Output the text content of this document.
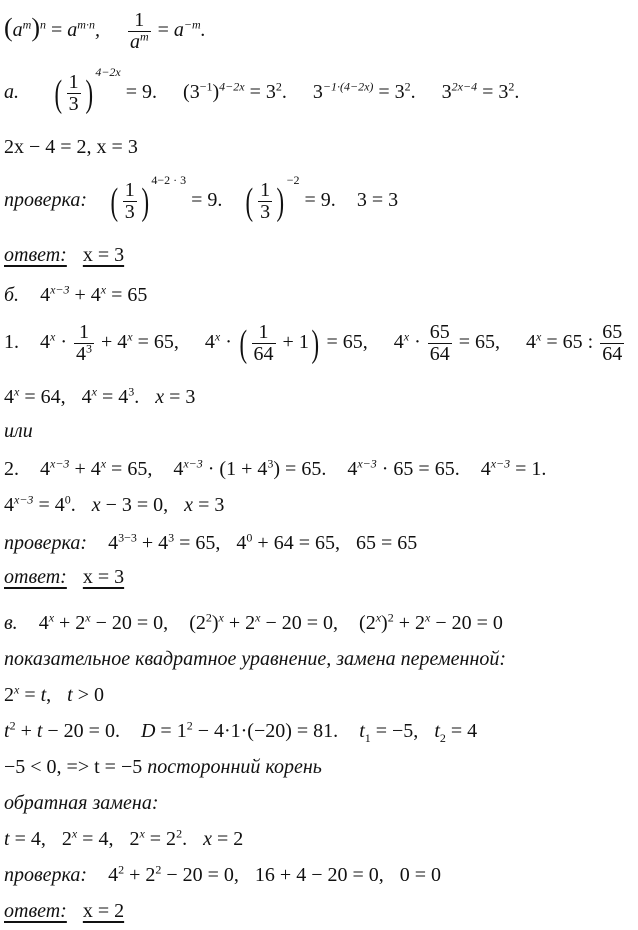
$(a^m)^n = a^{m\cdot n}$, $\frac{1}{a^m} = a^{-m}$.
а. ( $\frac{1}{3} )^{4-2x} = 9$.  $(3^{-1})^{4-2x} = 3^2$.  $3^{-1\cdot(4-2x)} = 3^2$.  $3^{2x-4} = 3^2$.
2x − 4 = 2, x = 3
проверка: ( $\frac{1}{3} )^{4-2 \cdot 3} = 9$. ( $\frac{1}{3} )^{-2} = 9$. 3 = 3
ответ: x = 3
б. $4^{x-3} + 4^x = 65$
1. $4^x \cdot \frac{1}{4^3} + 4^x = 65$,  $4^x$ · ( $\frac{1}{64} + 1) = 65$,  $4^x \cdot \frac{65}{64} = 65$,  $4^x = 65$ : $\frac{65}{64}$
$4^x = 64$, $4^x = 4^3$. x = 3
или
2. $4^{x-3} + 4^x = 65$, $4^{x-3} \cdot (1 + 4^3) = 65$. $4^{x-3} \cdot 65 = 65$. $4^{x-3} = 1$.
$4^{x-3} = 4^0$. x − 3 = 0, x = 3
проверка: $4^{3-3} + 4^3 = 65$, $4^0 + 64 = 65$, 65 = 65
ответ: x = 3
в. $4^x + 2^x - 20 = 0$, $(2^2)^x + 2^x - 20 = 0$, $(2^x)^2 + 2^x - 20 = 0$
показательное квадратное уравнение, замена переменной:
$2^x = t$, t > 0
$t^2 + t - 20 = 0$. $D = 1^2 - 4\cdot 1\cdot(-20) = 81$. $t_1 = -5$, $t_2 = 4$
−5 < 0, => t = −5 посторонний корень
обратная замена:
t = 4, $2^x = 4$, $2^x = 2^2$. x = 2
проверка: $4^2 + 2^2 - 20 = 0$, 16 + 4 − 20 = 0, 0 = 0
ответ: x = 2
